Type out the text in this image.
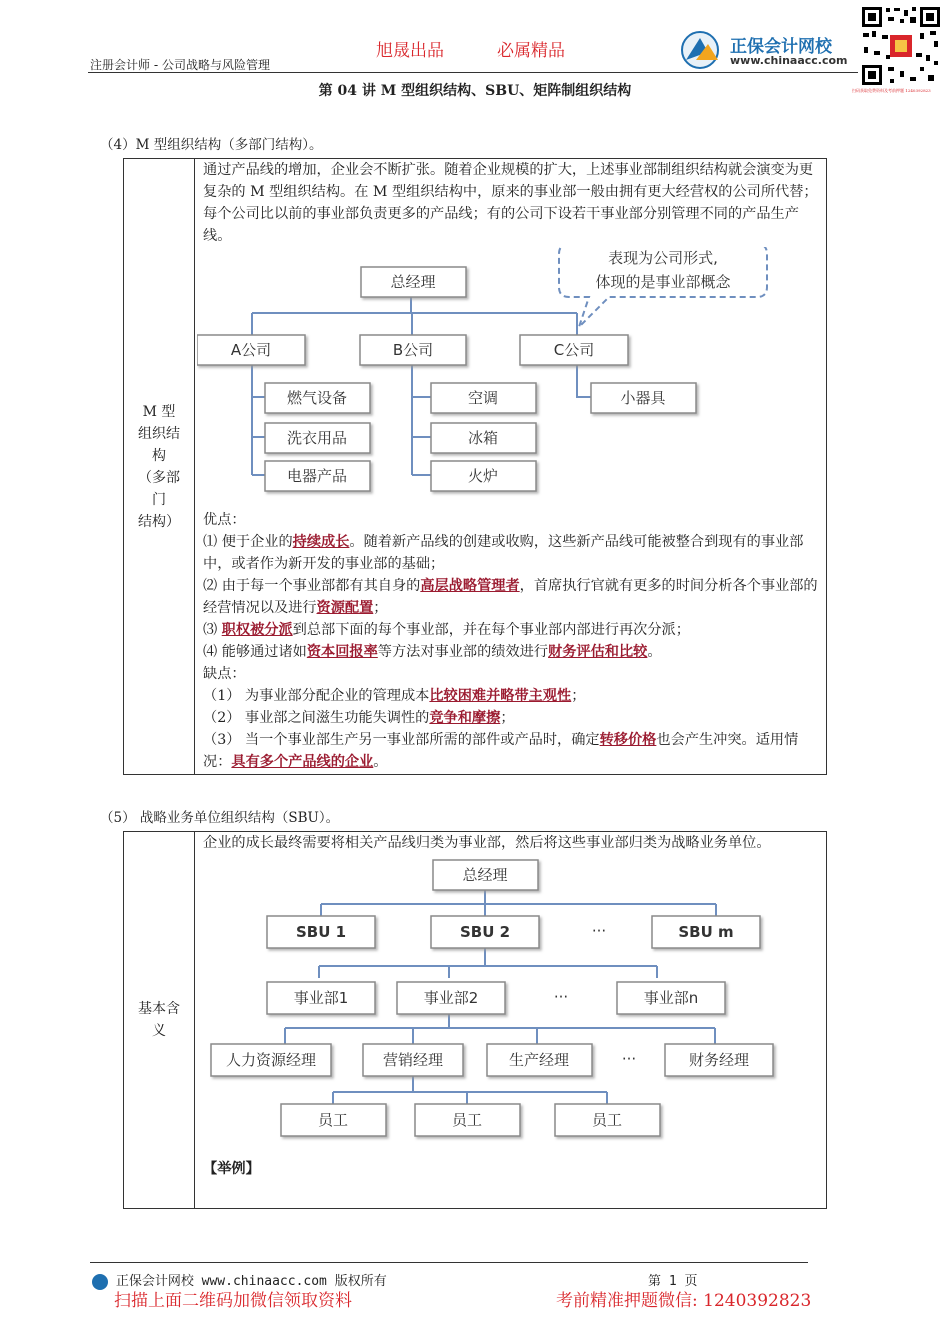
注册会计师 - 公司战略与风险管理
旭晟出品	必属精品	正保会计网校
www.chinaacc.com
扫码获取免费资料及考前押题 1240392823
第 04 讲 M 型组织结构、SBU、矩阵制组织结构
（4）M 型组织结构（多部门结构）。
M 型
组织结
构
（多部
门
结构）

通过产品线的增加，企业会不断扩张。随着企业规模的扩大，上述事业部制组织结构就会演变为更复杂的 M 型组织结构。在 M 型组织结构中，原来的事业部一般由拥有更大经营权的公司所代替；每个公司比以前的事业部负责更多的产品线；有的公司下设若干事业部分别管理不同的产品生产线。
总经理
A公司	B公司	C公司
燃气设备
洗衣用品
电器产品
空调
冰箱
火炉
小器具
表现为公司形式,
体现的是事业部概念

优点：

⑴ 便于企业的持续成长。随着新产品线的创建或收购，这些新产品线可能被整合到现有的事业部中，或者作为新开发的事业部的基础；

⑵ 由于每一个事业部都有其自身的高层战略管理者，首席执行官就有更多的时间分析各个事业部的经营情况以及进行资源配置；

⑶ 职权被分派到总部下面的每个事业部，并在每个事业部内部进行再次分派；

⑷ 能够通过诸如资本回报率等方法对事业部的绩效进行财务评估和比较。

缺点：

（1） 为事业部分配企业的管理成本比较困难并略带主观性；

（2） 事业部之间滋生功能失调性的竞争和摩擦；

（3） 当一个事业部生产另一事业部所需的部件或产品时，确定转移价格也会产生冲突。适用情况：具有多个产品线的企业。

（5） 战略业务单位组织结构（SBU）。
基本含
义

企业的成长最终需要将相关产品线归类为事业部，然后将这些事业部归类为战略业务单位。
总经理
SBU 1	SBU 2	···	SBU m
事业部1	事业部2	···	事业部n
人力资源经理	营销经理	生产经理	···	财务经理
员工	员工	员工
【举例】
正保会计网校 www.chinaacc.com 版权所有	第 1 页
扫描上面二维码加微信领取资料	考前精准押题微信: 1240392823
